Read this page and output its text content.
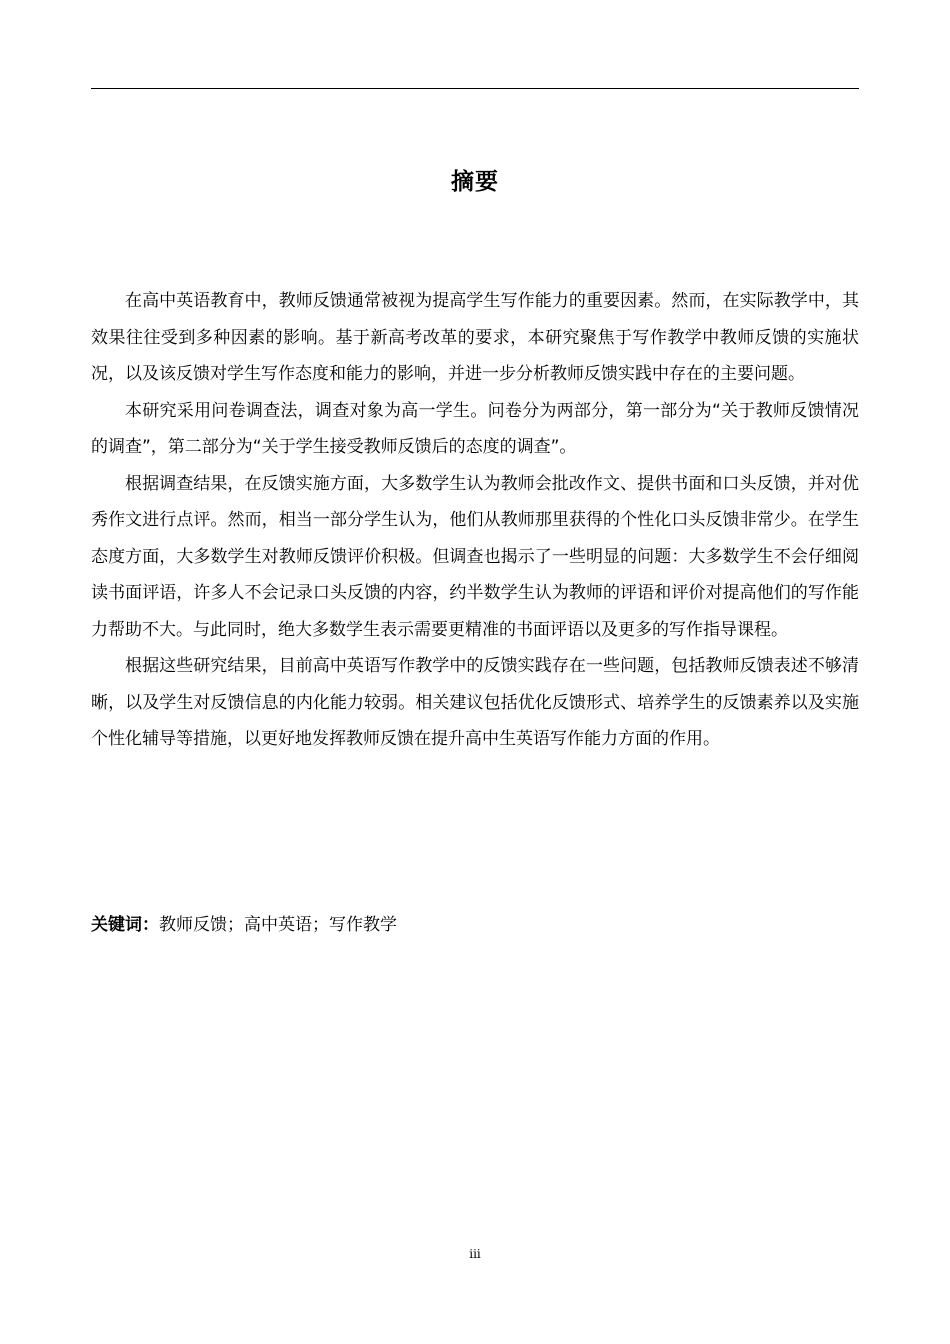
摘要

在高中英语教育中，教师反馈通常被视为提高学生写作能力的重要因素。然而，在实际教学中，其效果往往受到多种因素的影响。基于新高考改革的要求，本研究聚焦于写作教学中教师反馈的实施状况，以及该反馈对学生写作态度和能力的影响，并进一步分析教师反馈实践中存在的主要问题。

本研究采用问卷调查法，调查对象为高一学生。问卷分为两部分，第一部分为“关于教师反馈情况的调查”，第二部分为“关于学生接受教师反馈后的态度的调查”。

根据调查结果，在反馈实施方面，大多数学生认为教师会批改作文、提供书面和口头反馈，并对优秀作文进行点评。然而，相当一部分学生认为，他们从教师那里获得的个性化口头反馈非常少。在学生态度方面，大多数学生对教师反馈评价积极。但调查也揭示了一些明显的问题：大多数学生不会仔细阅读书面评语，许多人不会记录口头反馈的内容，约半数学生认为教师的评语和评价对提高他们的写作能力帮助不大。与此同时，绝大多数学生表示需要更精准的书面评语以及更多的写作指导课程。

根据这些研究结果，目前高中英语写作教学中的反馈实践存在一些问题，包括教师反馈表述不够清晰，以及学生对反馈信息的内化能力较弱。相关建议包括优化反馈形式、培养学生的反馈素养以及实施个性化辅导等措施，以更好地发挥教师反馈在提升高中生英语写作能力方面的作用。

关键词：教师反馈；高中英语；写作教学
iii
